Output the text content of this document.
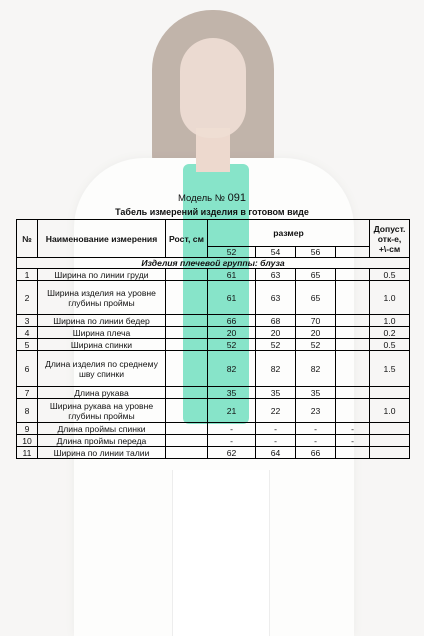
Модель № 091
Табель измерений изделия в готовом виде
№	Наименование измерения	Рост, см	размер				Допуст. отк-е, +\-см
			52	54	56		
Изделия плечевой группы: блуза							
1	Ширина по линии груди		61	63	65		0.5
2	Ширина изделия на уровне глубины проймы		61	63	65		1.0
3	Ширина по линии бедер		66	68	70		1.0
4	Ширина плеча		20	20	20		0.2
5	Ширина спинки		52	52	52		0.5
6	Длина изделия по среднему шву спинки		82	82	82		1.5
7	Длина рукава		35	35	35		
8	Ширина рукава на уровне глубины проймы		21	22	23		1.0
9	Длина проймы спинки		-	-	-	-	
10	Длина проймы переда		-	-	-	-	
11	Ширина по линии талии		62	64	66		
